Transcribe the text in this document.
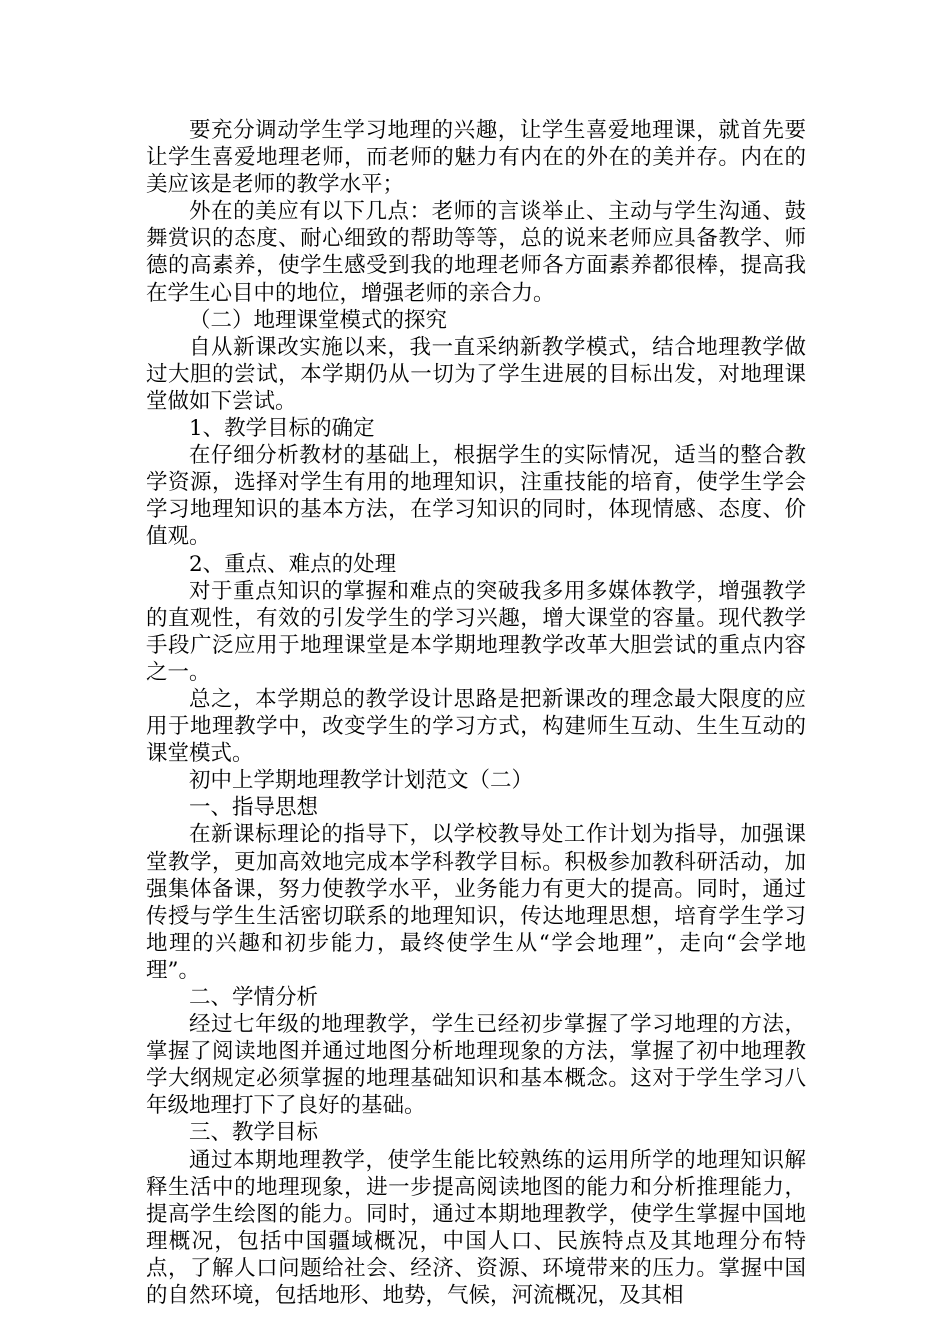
要充分调动学生学习地理的兴趣，让学生喜爱地理课，就首先要让学生喜爱地理老师，而老师的魅力有内在的外在的美并存。内在的美应该是老师的教学水平；

外在的美应有以下几点：老师的言谈举止、主动与学生沟通、鼓舞赏识的态度、耐心细致的帮助等等，总的说来老师应具备教学、师德的高素养，使学生感受到我的地理老师各方面素养都很棒，提高我在学生心目中的地位，增强老师的亲合力。

（二）地理课堂模式的探究

自从新课改实施以来，我一直采纳新教学模式，结合地理教学做过大胆的尝试，本学期仍从一切为了学生进展的目标出发，对地理课堂做如下尝试。

1、教学目标的确定

在仔细分析教材的基础上，根据学生的实际情况，适当的整合教学资源，选择对学生有用的地理知识，注重技能的培育，使学生学会学习地理知识的基本方法，在学习知识的同时，体现情感、态度、价值观。

2、重点、难点的处理

对于重点知识的掌握和难点的突破我多用多媒体教学，增强教学的直观性，有效的引发学生的学习兴趣，增大课堂的容量。现代教学手段广泛应用于地理课堂是本学期地理教学改革大胆尝试的重点内容之一。

总之，本学期总的教学设计思路是把新课改的理念最大限度的应用于地理教学中，改变学生的学习方式，构建师生互动、生生互动的课堂模式。

初中上学期地理教学计划范文（二）

一、指导思想

在新课标理论的指导下，以学校教导处工作计划为指导，加强课堂教学，更加高效地完成本学科教学目标。积极参加教科研活动，加强集体备课，努力使教学水平，业务能力有更大的提高。同时，通过传授与学生生活密切联系的地理知识，传达地理思想，培育学生学习地理的兴趣和初步能力，最终使学生从“学会地理”，走向“会学地理”。

二、学情分析

经过七年级的地理教学，学生已经初步掌握了学习地理的方法，掌握了阅读地图并通过地图分析地理现象的方法，掌握了初中地理教学大纲规定必须掌握的地理基础知识和基本概念。这对于学生学习八年级地理打下了良好的基础。

三、教学目标

通过本期地理教学，使学生能比较熟练的运用所学的地理知识解释生活中的地理现象，进一步提高阅读地图的能力和分析推理能力，提高学生绘图的能力。同时，通过本期地理教学，使学生掌握中国地理概况，包括中国疆域概况，中国人口、民族特点及其地理分布特点，了解人口问题给社会、经济、资源、环境带来的压力。掌握中国的自然环境，包括地形、地势，气候，河流概况，及其相
